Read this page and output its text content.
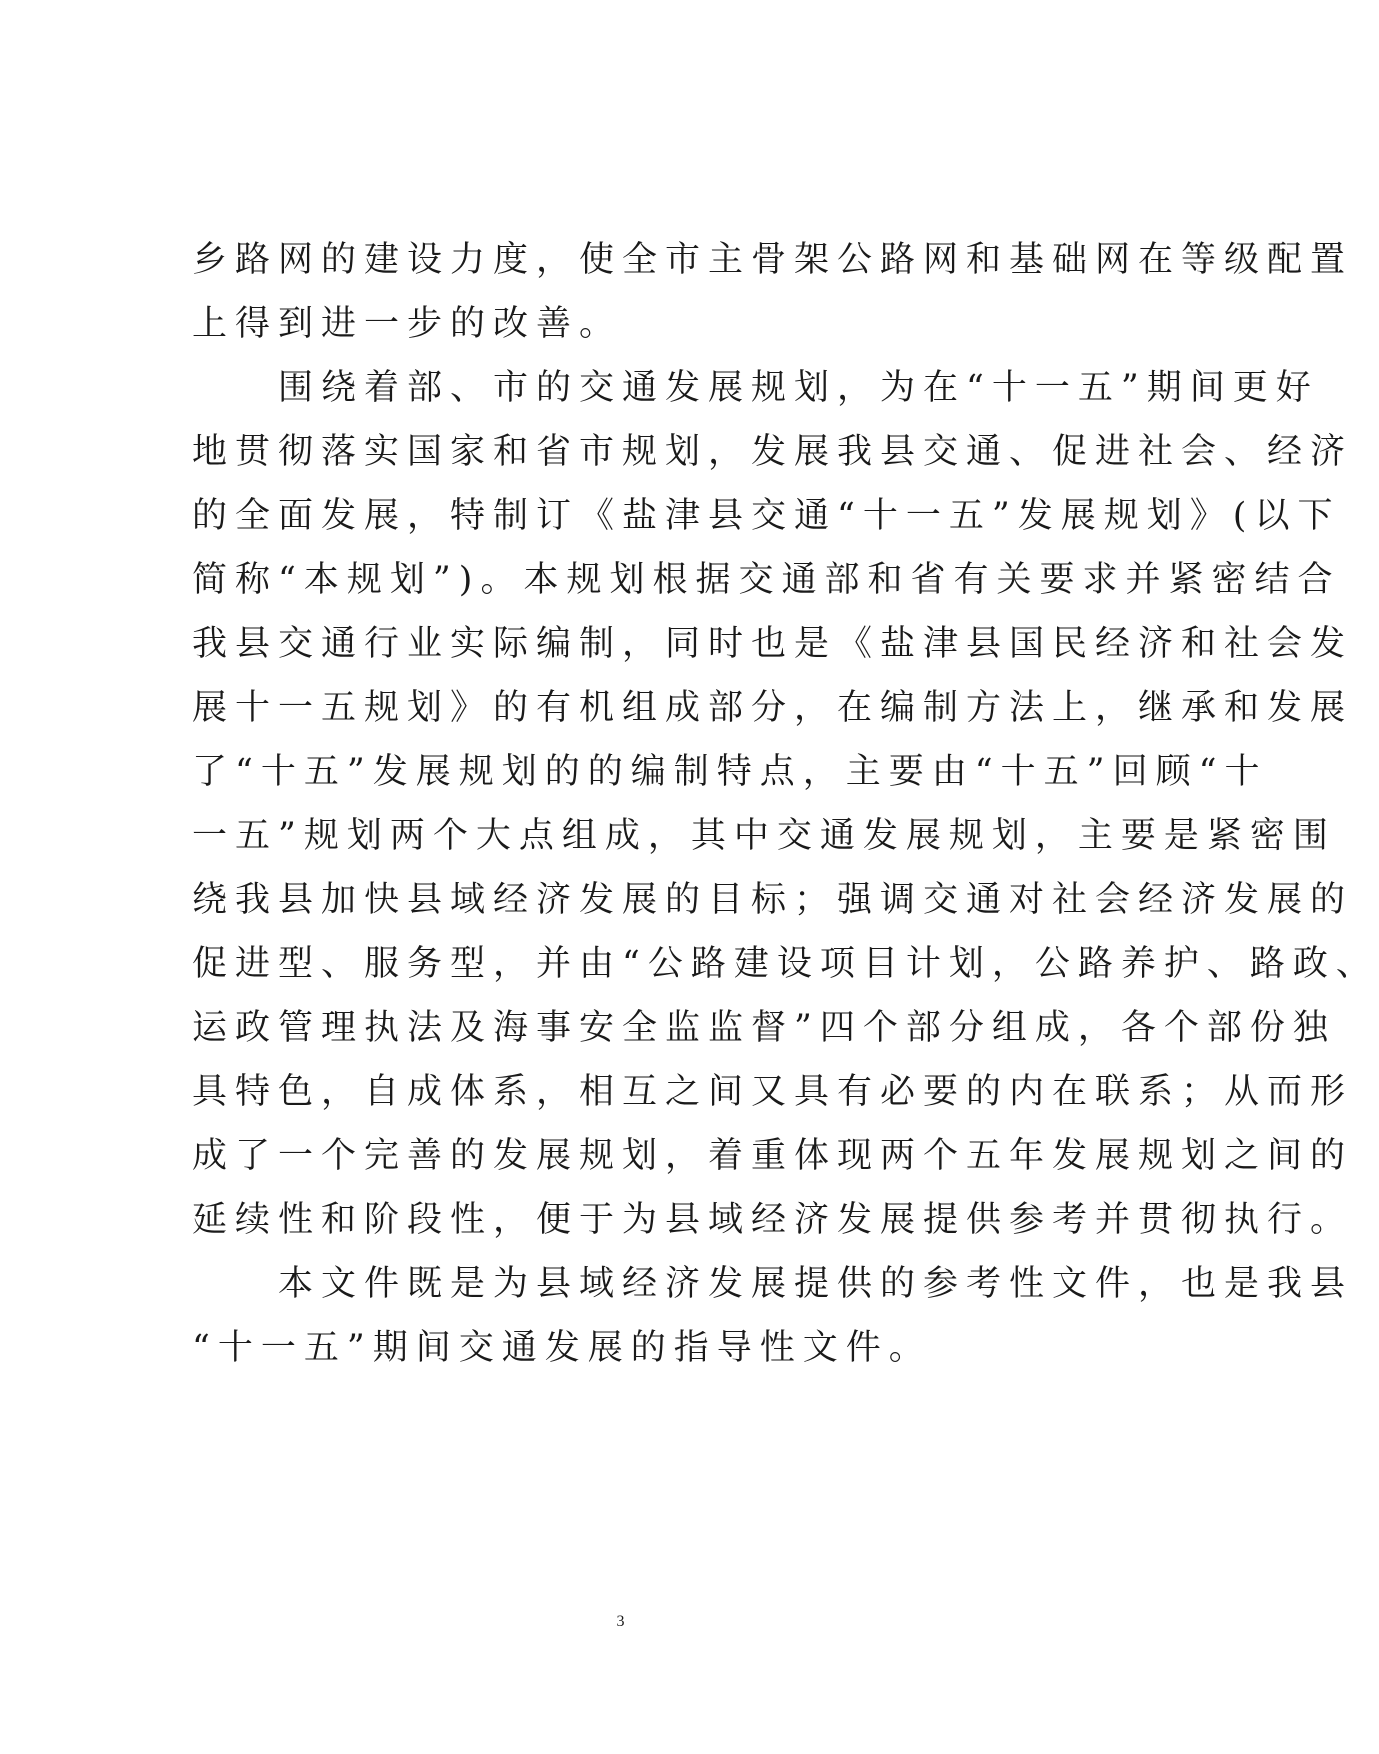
乡路网的建设力度，使全市主骨架公路网和基础网在等级配置
上得到进一步的改善。
围绕着部、市的交通发展规划，为在“十一五”期间更好
地贯彻落实国家和省市规划，发展我县交通、促进社会、经济
的全面发展，特制订《盐津县交通“十一五”发展规划》(以下
简称“本规划”)。本规划根据交通部和省有关要求并紧密结合
我县交通行业实际编制，同时也是《盐津县国民经济和社会发
展十一五规划》的有机组成部分，在编制方法上，继承和发展
了“十五”发展规划的的编制特点，主要由“十五”回顾“十
一五”规划两个大点组成，其中交通发展规划，主要是紧密围
绕我县加快县域经济发展的目标；强调交通对社会经济发展的
促进型、服务型，并由“公路建设项目计划，公路养护、路政、
运政管理执法及海事安全监监督”四个部分组成，各个部份独
具特色，自成体系，相互之间又具有必要的内在联系；从而形
成了一个完善的发展规划，着重体现两个五年发展规划之间的
延续性和阶段性，便于为县域经济发展提供参考并贯彻执行。
本文件既是为县域经济发展提供的参考性文件，也是我县
“十一五”期间交通发展的指导性文件。
3
